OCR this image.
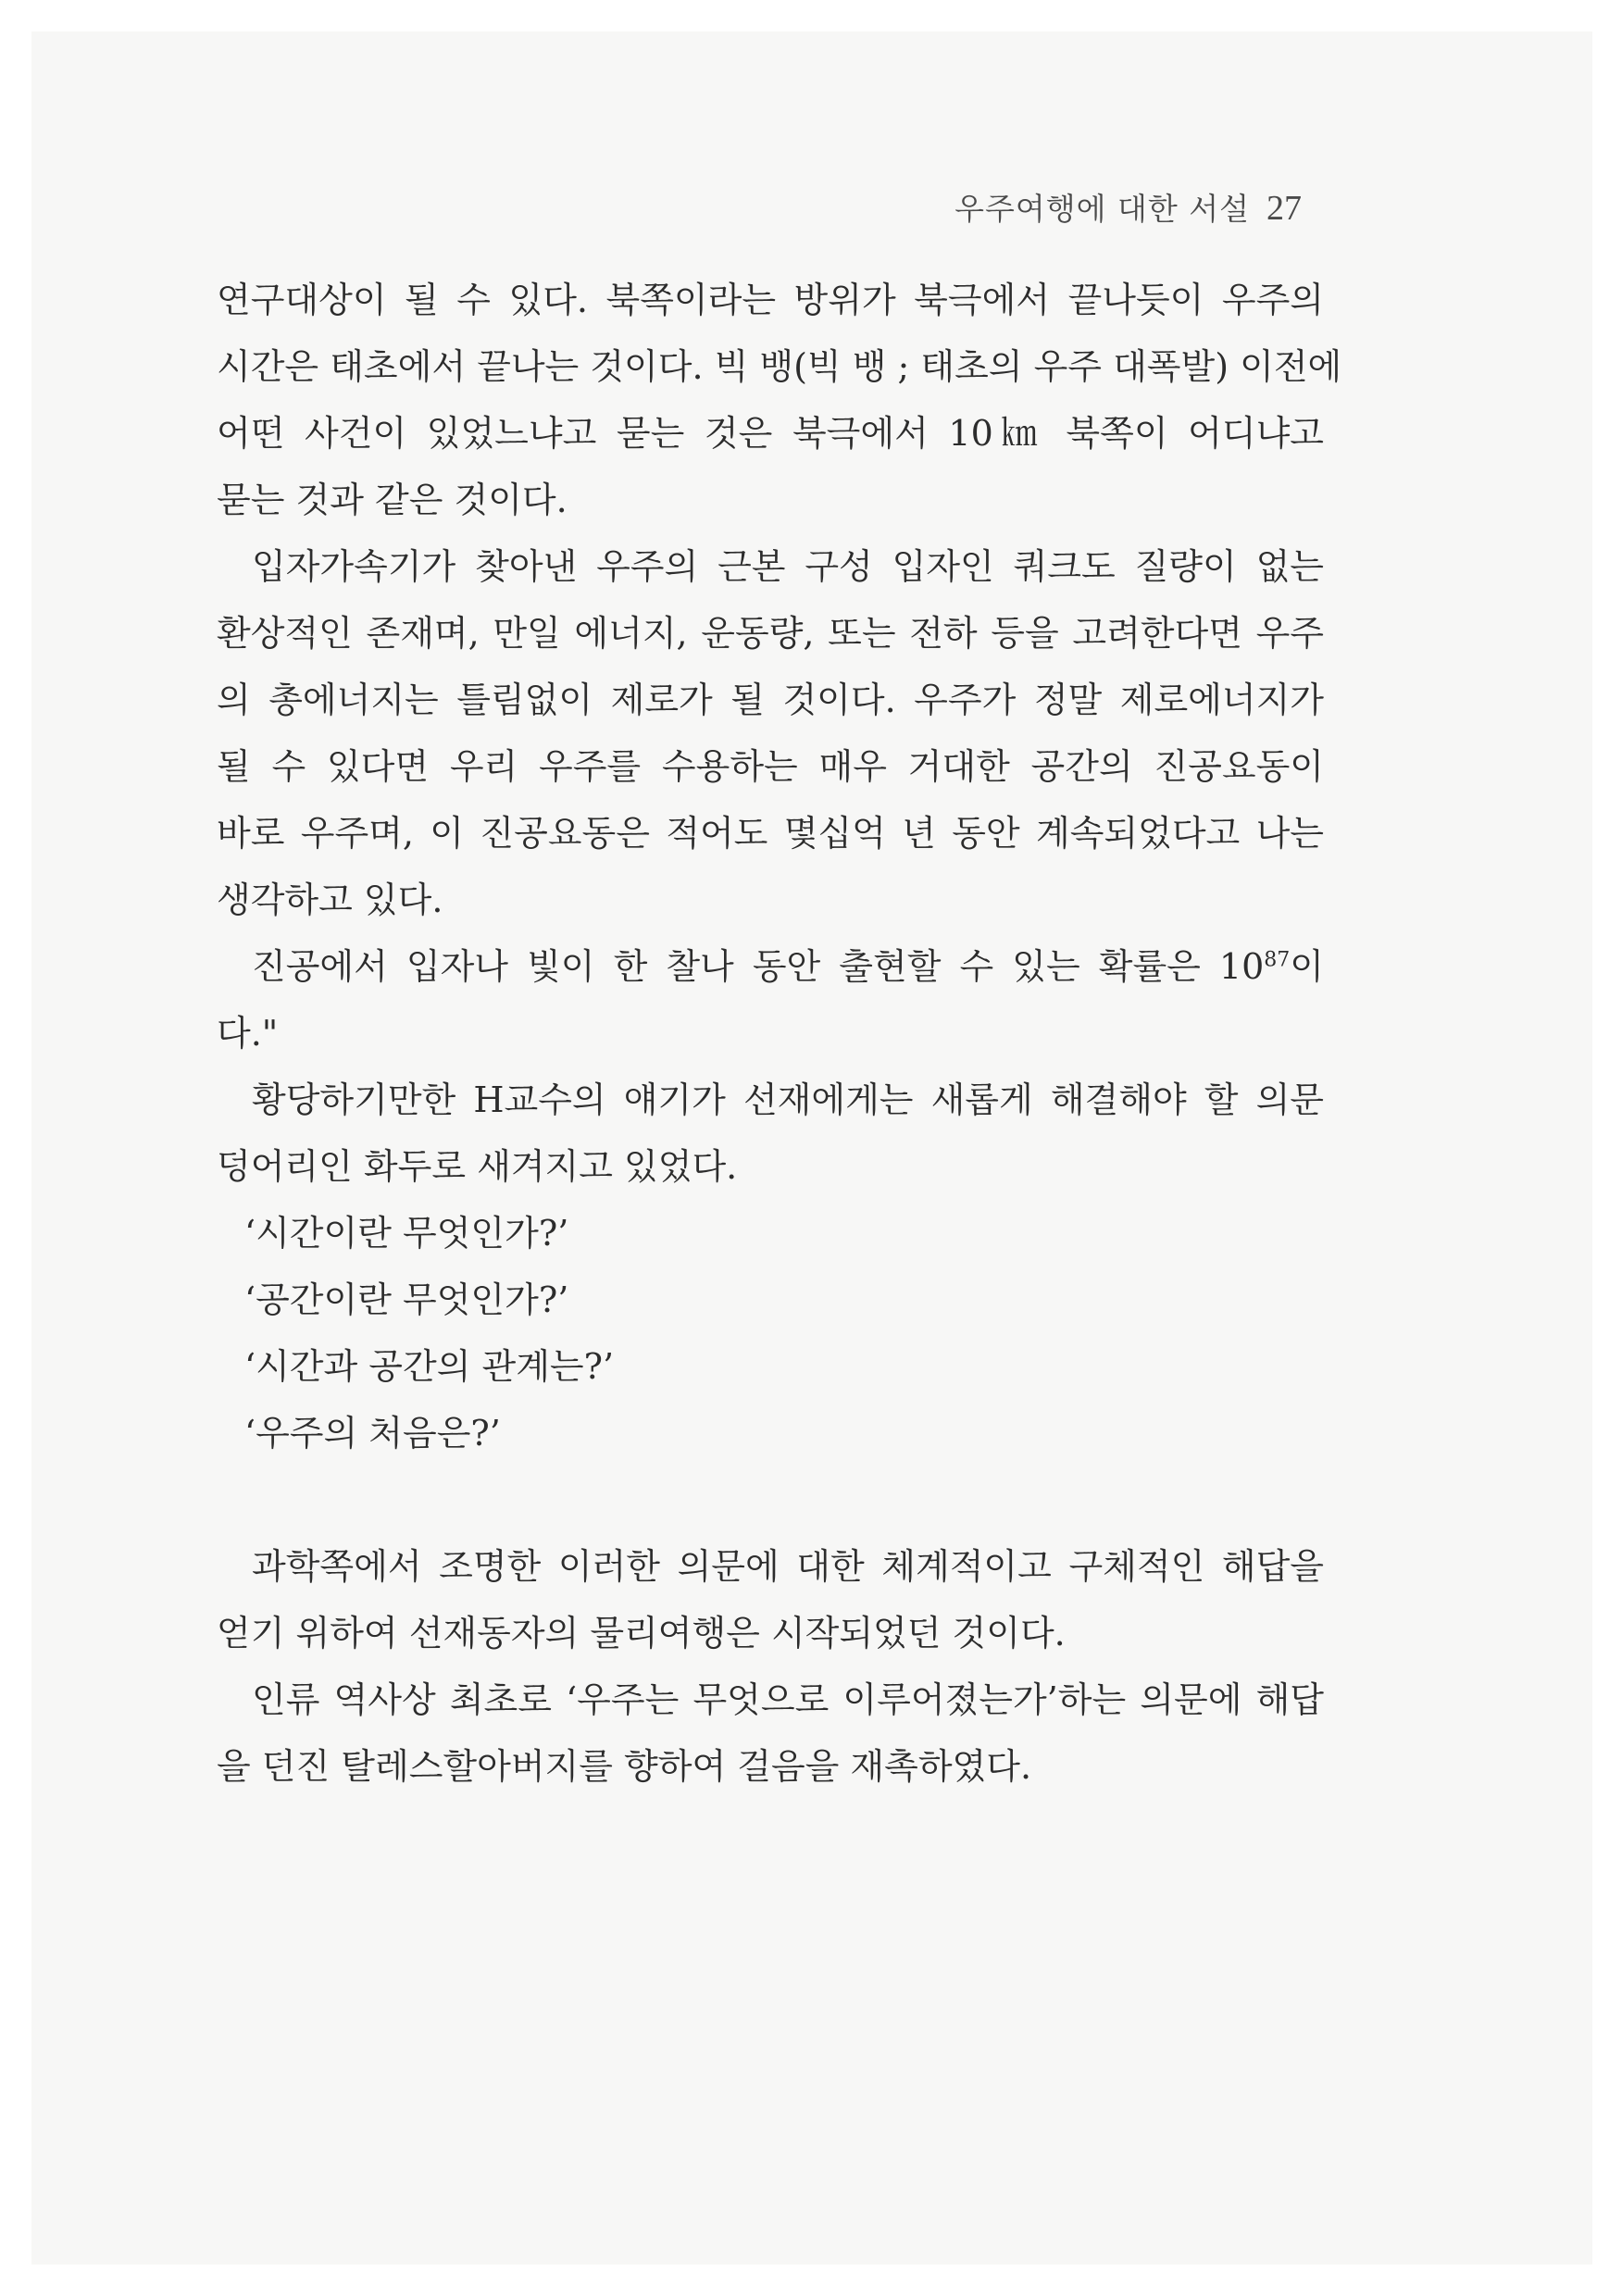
우주여행에 대한 서설 27
연구대상이 될 수 있다. 북쪽이라는 방위가 북극에서 끝나듯이 우주의
시간은 태초에서 끝나는 것이다. 빅 뱅(빅 뱅 ; 태초의 우주 대폭발) 이전에
어떤 사건이 있었느냐고 묻는 것은 북극에서 10㎞ 북쪽이 어디냐고
묻는 것과 같은 것이다.
입자가속기가 찾아낸 우주의 근본 구성 입자인 쿼크도 질량이 없는
환상적인 존재며, 만일 에너지, 운동량, 또는 전하 등을 고려한다면 우주
의 총에너지는 틀림없이 제로가 될 것이다. 우주가 정말 제로에너지가
될 수 있다면 우리 우주를 수용하는 매우 거대한 공간의 진공요동이
바로 우주며, 이 진공요동은 적어도 몇십억 년 동안 계속되었다고 나는
생각하고 있다.
진공에서 입자나 빛이 한 찰나 동안 출현할 수 있는 확률은 $10^{87}$이
다."
황당하기만한 H교수의 얘기가 선재에게는 새롭게 해결해야 할 의문
덩어리인 화두로 새겨지고 있었다.
‘시간이란 무엇인가?’
‘공간이란 무엇인가?’
‘시간과 공간의 관계는?’
‘우주의 처음은?’
과학쪽에서 조명한 이러한 의문에 대한 체계적이고 구체적인 해답을
얻기 위하여 선재동자의 물리여행은 시작되었던 것이다.
인류 역사상 최초로 ‘우주는 무엇으로 이루어졌는가’하는 의문에 해답
을 던진 탈레스할아버지를 향하여 걸음을 재촉하였다.
